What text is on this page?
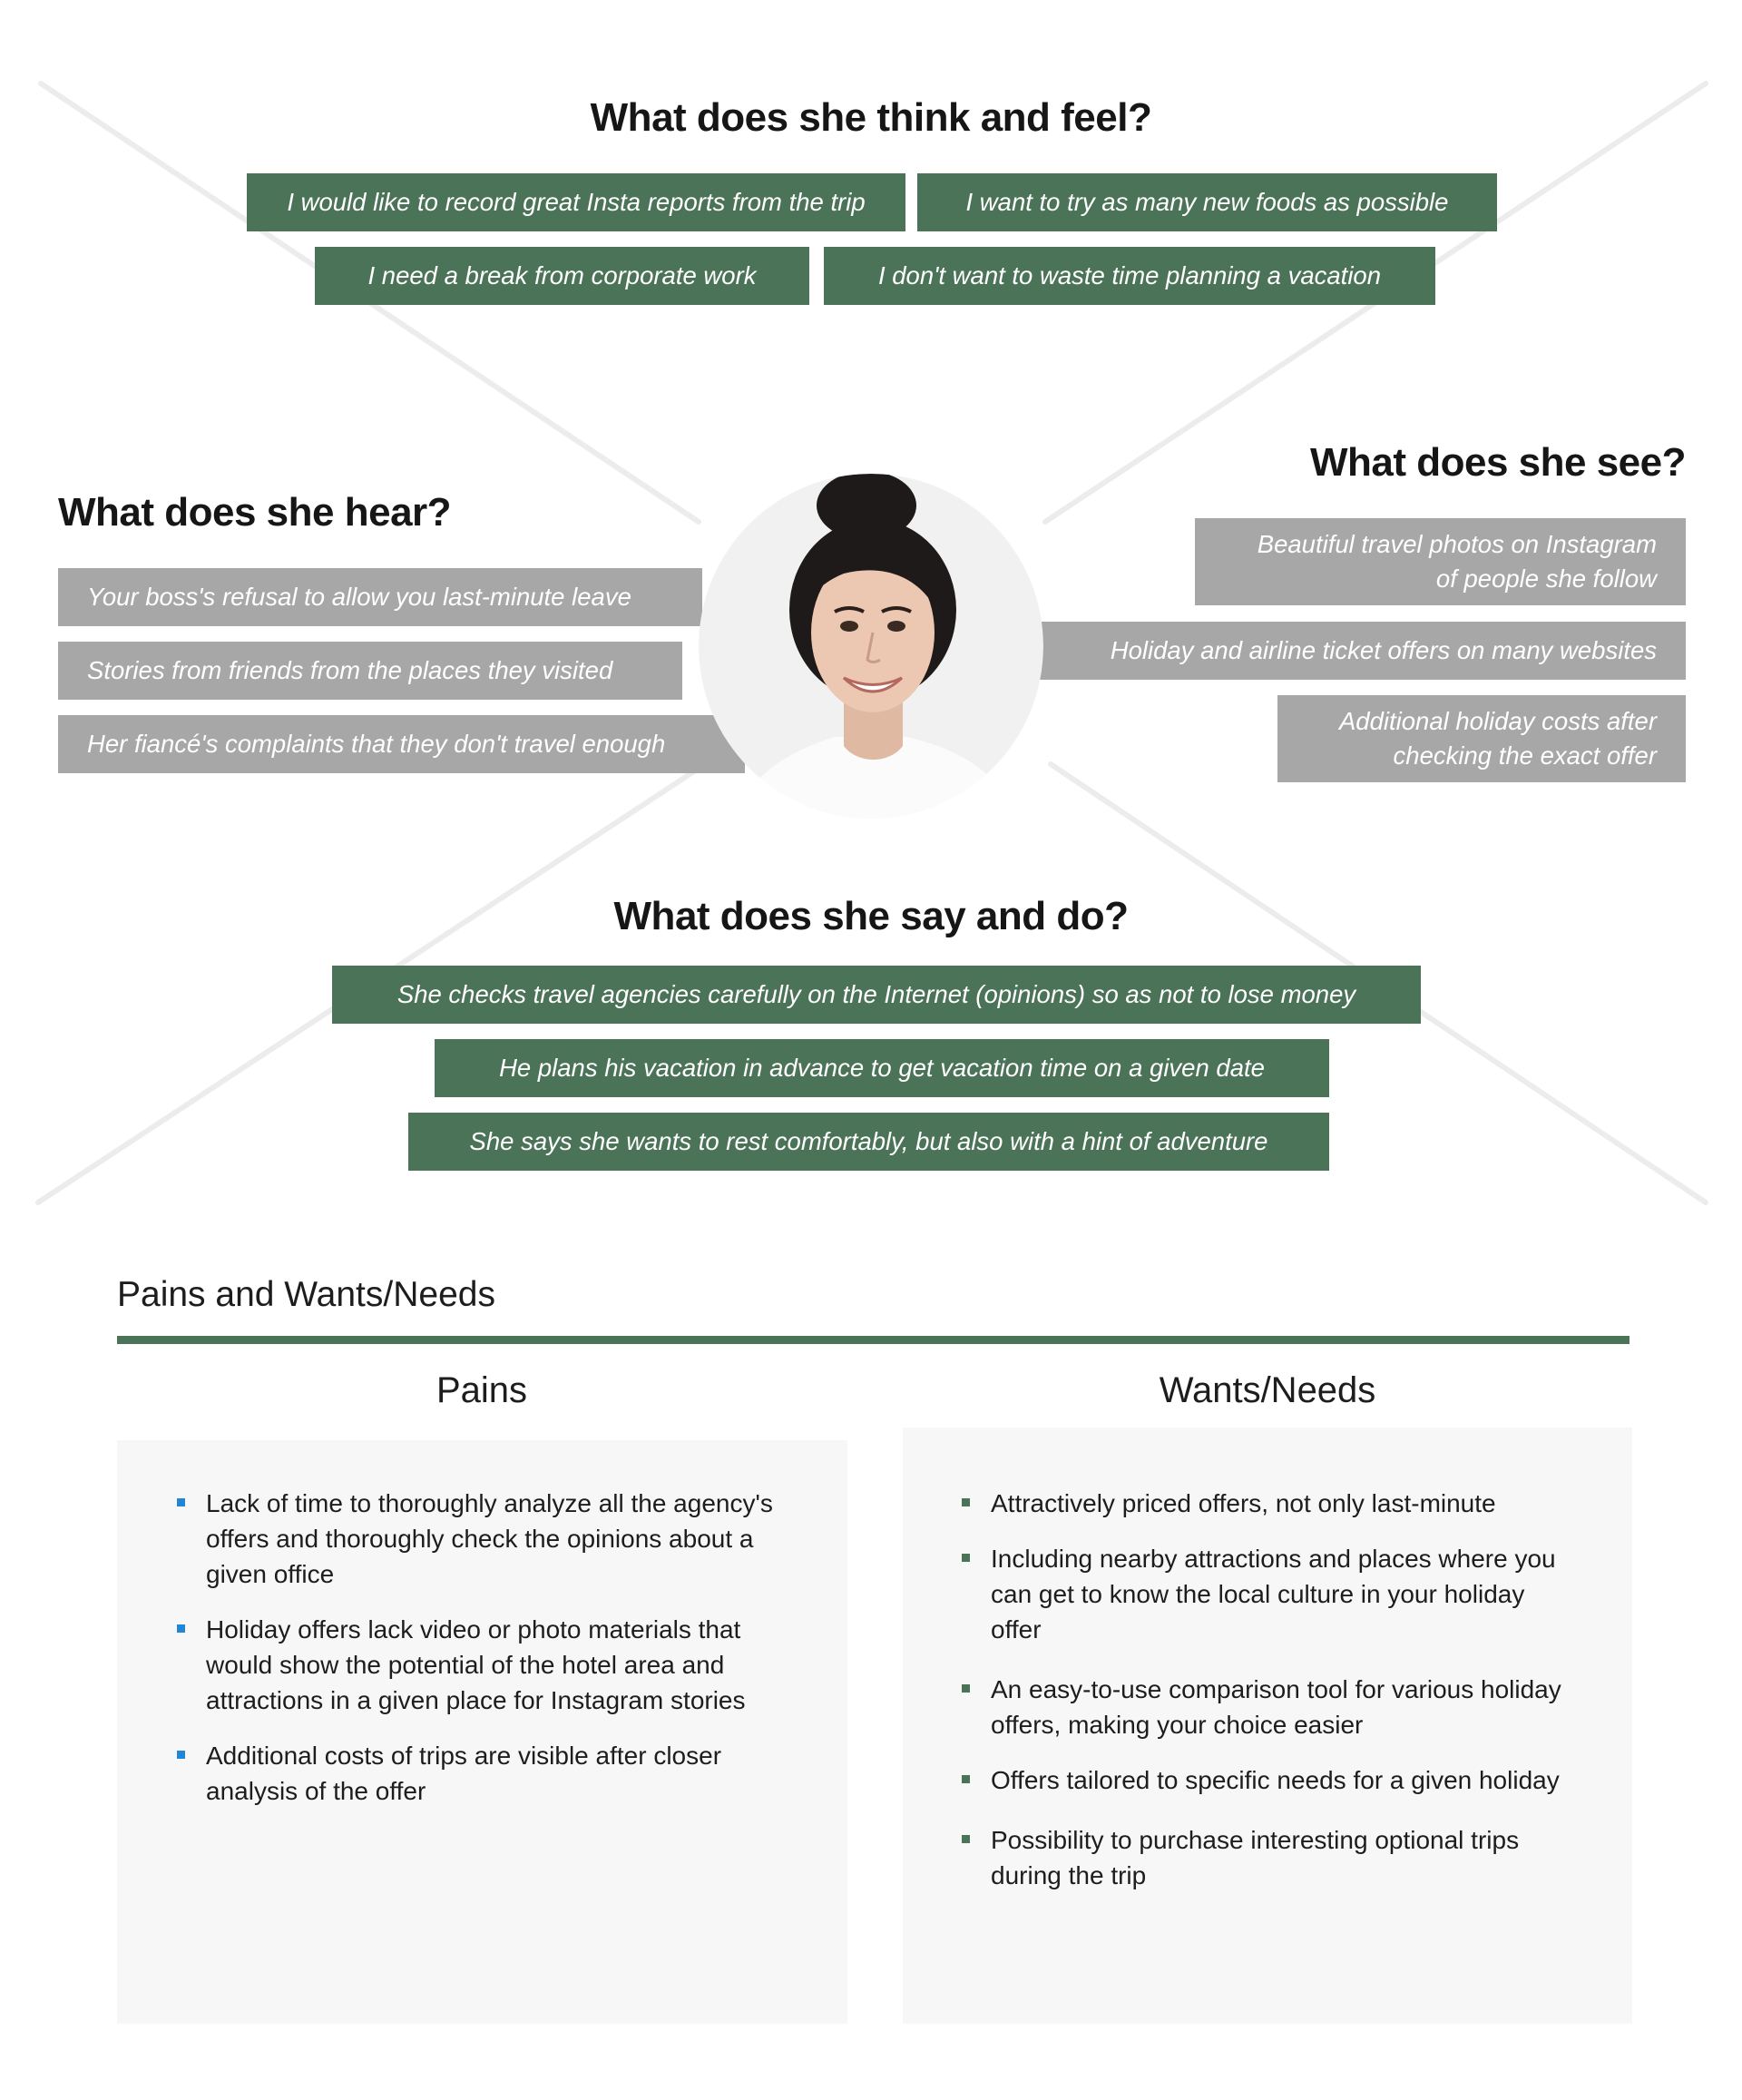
What does she think and feel?
I would like to record great Insta reports from the trip	I want to try as many new foods as possible
I need a break from corporate work	I don't want to waste time planning a vacation
What does she see?
Beautiful travel photos on Instagram of people she follow
Holiday and airline ticket offers on many websites
Additional holiday costs after checking the exact offer
What does she hear?
Your boss's refusal to allow you last-minute leave
Stories from friends from the places they visited
Her fiancé's complaints that they don't travel enough
What does she say and do?
She checks travel agencies carefully on the Internet (opinions) so as not to lose money
He plans his vacation in advance to get vacation time on a given date
She says she wants to rest comfortably, but also with a hint of adventure
Pains and Wants/Needs
Pains	Wants/Needs
Lack of time to thoroughly analyze all the agency's offers and thoroughly check the opinions about a given office
Holiday offers lack video or photo materials that would show the potential of the hotel area and attractions in a given place for Instagram stories
Additional costs of trips are visible after closer analysis of the offer
Attractively priced offers, not only last-minute
Including nearby attractions and places where you can get to know the local culture in your holiday offer
An easy-to-use comparison tool for various holiday offers, making your choice easier
Offers tailored to specific needs for a given holiday
Possibility to purchase interesting optional trips during the trip
